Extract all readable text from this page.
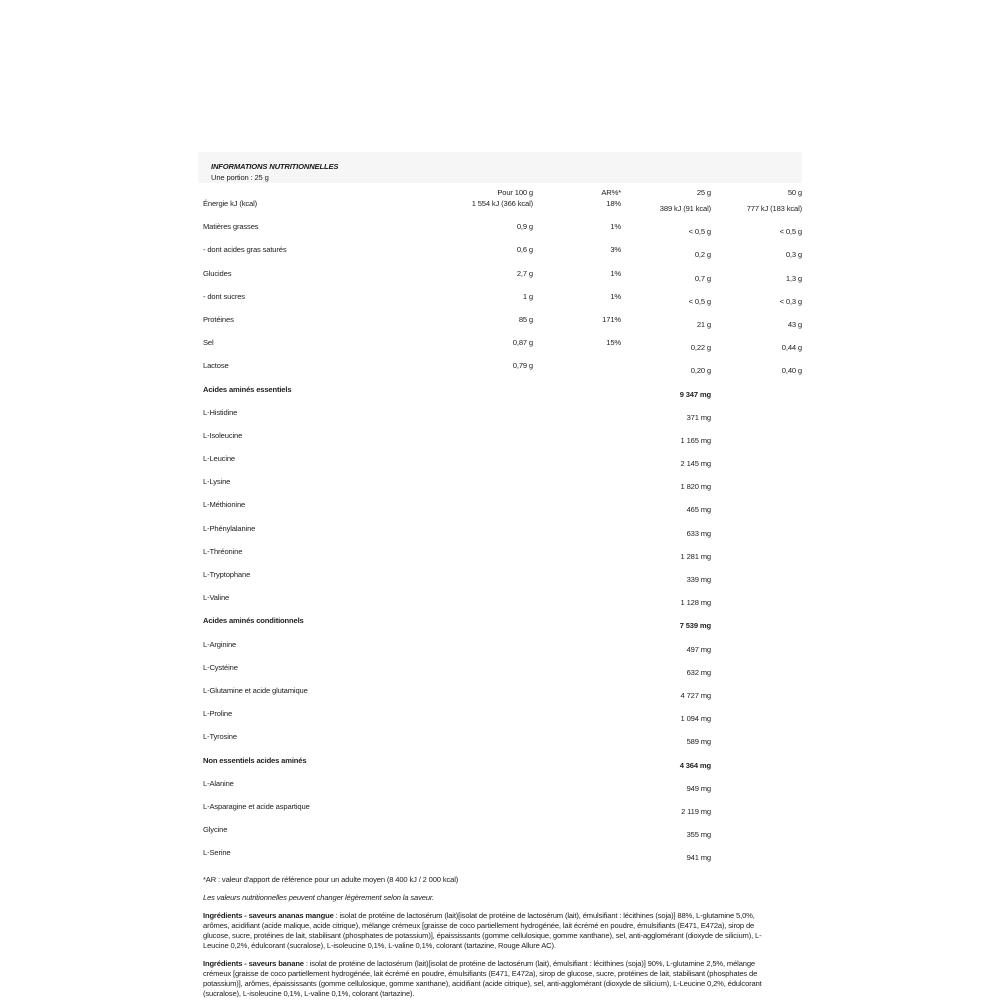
INFORMATIONS NUTRITIONNELLES
Une portion : 25 g
	Pour 100 g	AR%*	25 g	50 g
Énergie kJ (kcal)	1 554 kJ (366 kcal)	18%	389 kJ (91 kcal)	777 kJ (183 kcal)
Matières grasses	0,9 g	1%	< 0,5 g	< 0,5 g
- dont acides gras saturés	0,6 g	3%	0,2 g	0,3 g
Glucides	2,7 g	1%	0,7 g	1,3 g
- dont sucres	1 g	1%	< 0,5 g	< 0,3 g
Protéines	85 g	171%	21 g	43 g
Sel	0,87 g	15%	0,22 g	0,44 g
Lactose	0,79 g		0,20 g	0,40 g
Acides aminés essentiels			9 347 mg	
L-Histidine			371 mg	
L-Isoleucine			1 165 mg	
L-Leucine			2 145 mg	
L-Lysine			1 820 mg	
L-Méthionine			465 mg	
L-Phénylalanine			633 mg	
L-Thréonine			1 281 mg	
L-Tryptophane			339 mg	
L-Valine			1 128 mg	
Acides aminés conditionnels			7 539 mg	
L-Arginine			497 mg	
L-Cystéine			632 mg	
L-Glutamine et acide glutamique			4 727 mg	
L-Proline			1 094 mg	
L-Tyrosine			589 mg	
Non essentiels acides aminés			4 364 mg	
L-Alanine			949 mg	
L-Asparagine et acide aspartique			2 119 mg	
Glycine			355 mg	
L-Serine			941 mg	

*AR : valeur d'apport de référence pour un adulte moyen (8 400 kJ / 2 000 kcal)

Les valeurs nutritionnelles peuvent changer légèrement selon la saveur.

Ingrédients - saveurs ananas mangue : isolat de protéine de lactosérum (lait)[isolat de protéine de lactosérum (lait), émulsifiant : lécithines (soja)] 88%, L-glutamine 5,0%, arômes, acidifiant (acide malique, acide citrique), mélange crémeux [graisse de coco partiellement hydrogénée, lait écrémé en poudre, émulsifiants (E471, E472a), sirop de glucose, sucre, protéines de lait, stabilisant (phosphates de potassium)], épaississants (gomme cellulosique, gomme xanthane), sel, anti-agglomérant (dioxyde de silicium), L-Leucine 0,2%, édulcorant (sucralose), L-isoleucine 0,1%, L-valine 0,1%, colorant (tartazine, Rouge Allure AC).

Ingrédients - saveurs banane : isolat de protéine de lactosérum (lait)[isolat de protéine de lactosérum (lait), émulsifiant : lécithines (soja)] 90%, L-glutamine 2,5%, mélange crémeux [graisse de coco partiellement hydrogénée, lait écrémé en poudre, émulsifiants (E471, E472a), sirop de glucose, sucre, protéines de lait, stabilisant (phosphates de potassium)], arômes, épaississants (gomme cellulosique, gomme xanthane), acidifiant (acide citrique), sel, anti-agglomérant (dioxyde de silicium), L-Leucine 0,2%, édulcorant (sucralose), L-isoleucine 0,1%, L-valine 0,1%, colorant (tartazine).
